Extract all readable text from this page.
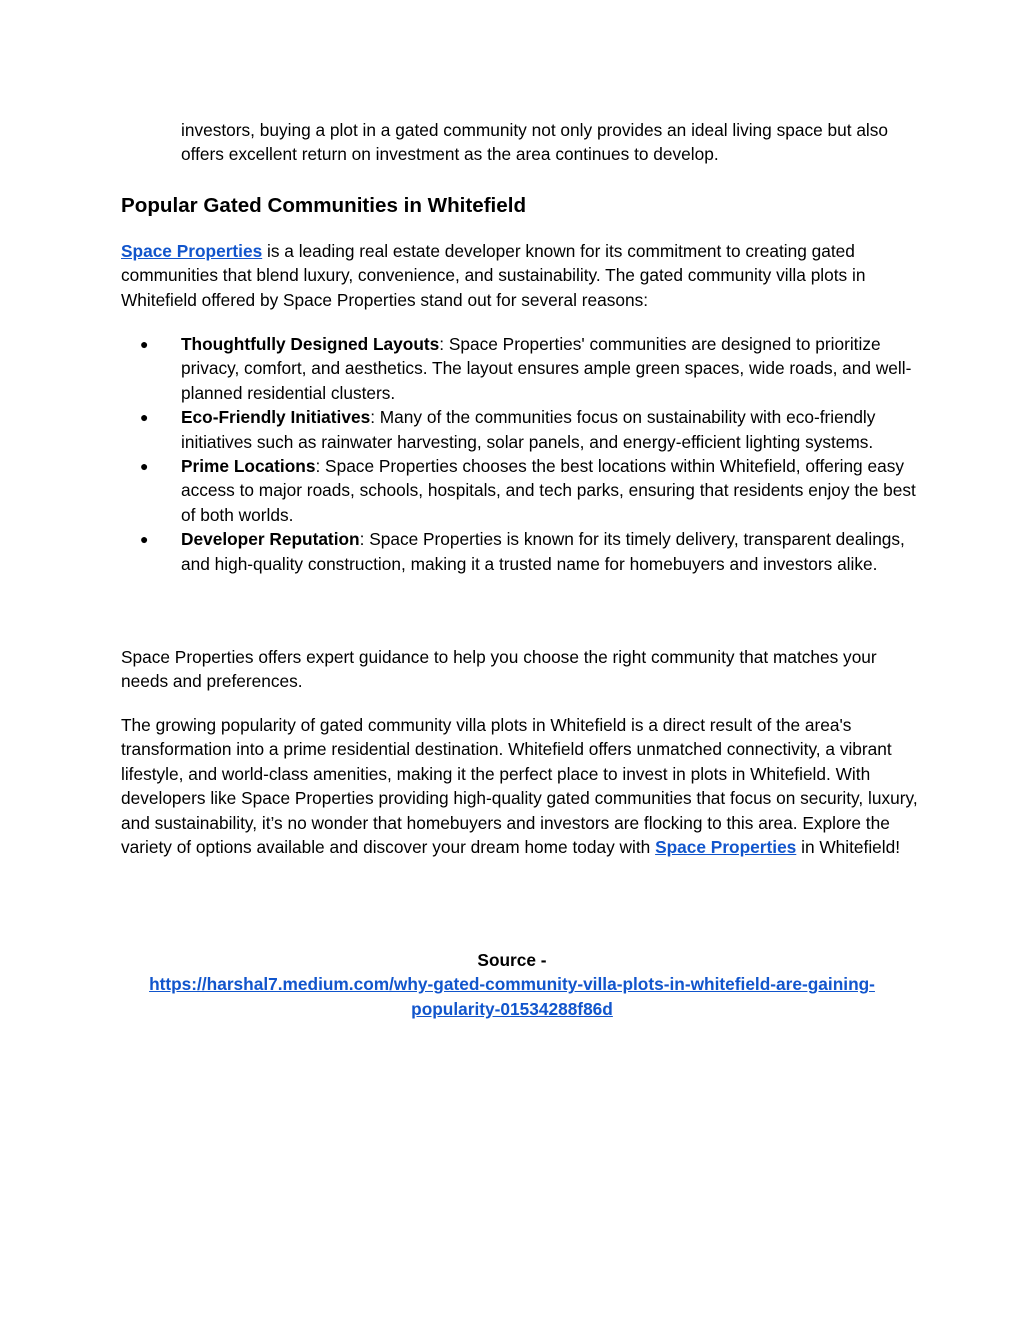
investors, buying a plot in a gated community not only provides an ideal living space but also offers excellent return on investment as the area continues to develop.

Popular Gated Communities in Whitefield

Space Properties is a leading real estate developer known for its commitment to creating gated communities that blend luxury, convenience, and sustainability. The gated community villa plots in Whitefield offered by Space Properties stand out for several reasons:

● Thoughtfully Designed Layouts: Space Properties' communities are designed to prioritize privacy, comfort, and aesthetics. The layout ensures ample green spaces, wide roads, and well-planned residential clusters.
● Eco-Friendly Initiatives: Many of the communities focus on sustainability with eco-friendly initiatives such as rainwater harvesting, solar panels, and energy-efficient lighting systems.
● Prime Locations: Space Properties chooses the best locations within Whitefield, offering easy access to major roads, schools, hospitals, and tech parks, ensuring that residents enjoy the best of both worlds.
● Developer Reputation: Space Properties is known for its timely delivery, transparent dealings, and high-quality construction, making it a trusted name for homebuyers and investors alike.

Space Properties offers expert guidance to help you choose the right community that matches your needs and preferences.

The growing popularity of gated community villa plots in Whitefield is a direct result of the area's transformation into a prime residential destination. Whitefield offers unmatched connectivity, a vibrant lifestyle, and world-class amenities, making it the perfect place to invest in plots in Whitefield. With developers like Space Properties providing high-quality gated communities that focus on security, luxury, and sustainability, it’s no wonder that homebuyers and investors are flocking to this area. Explore the variety of options available and discover your dream home today with Space Properties in Whitefield!

Source -
https://harshal7.medium.com/why-gated-community-villa-plots-in-whitefield-are-gaining-
popularity-01534288f86d
